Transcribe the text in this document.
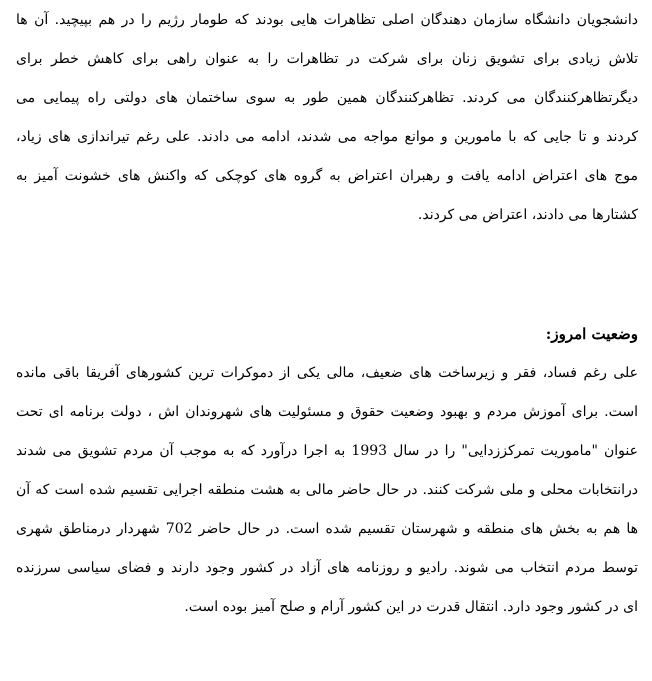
دانشجویان دانشگاه سازمان دهندگان اصلی تظاهرات هایی بودند که طومار رژیم را در هم بپیچید. آن ها
تلاش زیادی برای تشویق زنان برای شرکت در تظاهرات را به عنوان راهی برای کاهش خطر برای
دیگرتظاهرکنندگان می کردند. تظاهرکنندگان همین طور به سوی ساختمان های دولتی راه پیمایی می
کردند و تا جایی که با مامورین و موانع مواجه می شدند، ادامه می دادند. علی رغم تیراندازی های زیاد،
موج های اعتراض ادامه یافت و رهبران اعتراض به گروه های کوچکی که واکنش های خشونت آمیز به
کشتارها می دادند، اعتراض می کردند.
وضعیت امروز:
علی رغم فساد، فقر و زیرساخت های ضعیف، مالی یکی از دموکرات ترین کشورهای آفریقا باقی مانده
است. برای آموزش مردم و بهبود وضعیت حقوق و مسئولیت های شهروندان اش ، دولت برنامه ای تحت
عنوان "ماموریت تمرکززدایی" را در سال 1993 به اجرا درآورد که به موجب آن مردم تشویق می شدند
درانتخابات محلی و ملی شرکت کنند. در حال حاضر مالی به هشت منطقه اجرایی تقسیم شده است که آن
ها هم به بخش های منطقه و شهرستان تقسیم شده است. در حال حاضر 702 شهردار درمناطق شهری
توسط مردم انتخاب می شوند. رادیو و روزنامه های آزاد در کشور وجود دارند و فضای سیاسی سرزنده
ای در کشور وجود دارد. انتقال قدرت در این کشور آرام و صلح آمیز بوده است.
